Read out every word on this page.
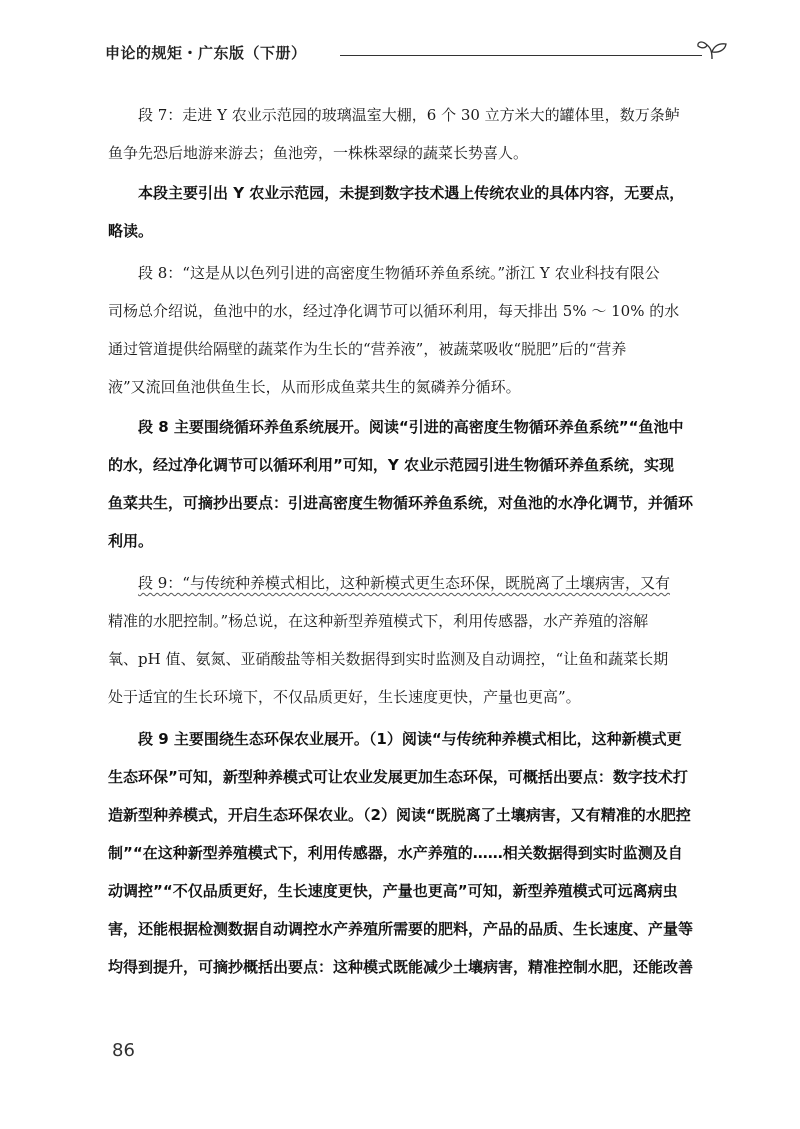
申论的规矩・广东版（下册）
段 7：走进 Y 农业示范园的玻璃温室大棚，6 个 30 立方米大的罐体里，数万条鲈
鱼争先恐后地游来游去；鱼池旁，一株株翠绿的蔬菜长势喜人。
本段主要引出 Y 农业示范园，未提到数字技术遇上传统农业的具体内容，无要点，
略读。
段 8：“这是从以色列引进的高密度生物循环养鱼系统。”浙江 Y 农业科技有限公
司杨总介绍说，鱼池中的水，经过净化调节可以循环利用，每天排出 5% ～ 10% 的水
通过管道提供给隔壁的蔬菜作为生长的“营养液”，被蔬菜吸收“脱肥”后的“营养
液”又流回鱼池供鱼生长，从而形成鱼菜共生的氮磷养分循环。
段 8 主要围绕循环养鱼系统展开。阅读“引进的高密度生物循环养鱼系统”“鱼池中
的水，经过净化调节可以循环利用”可知，Y 农业示范园引进生物循环养鱼系统，实现
鱼菜共生，可摘抄出要点：引进高密度生物循环养鱼系统，对鱼池的水净化调节，并循环
利用。
段 9：“与传统种养模式相比，这种新模式更生态环保，既脱离了土壤病害，又有
精准的水肥控制。”杨总说，在这种新型养殖模式下，利用传感器，水产养殖的溶解
氧、pH 值、氨氮、亚硝酸盐等相关数据得到实时监测及自动调控，“让鱼和蔬菜长期
处于适宜的生长环境下，不仅品质更好，生长速度更快，产量也更高”。
段 9 主要围绕生态环保农业展开。（1）阅读“与传统种养模式相比，这种新模式更
生态环保”可知，新型种养模式可让农业发展更加生态环保，可概括出要点：数字技术打
造新型种养模式，开启生态环保农业。（2）阅读“既脱离了土壤病害，又有精准的水肥控
制”“在这种新型养殖模式下，利用传感器，水产养殖的……相关数据得到实时监测及自
动调控”“不仅品质更好，生长速度更快，产量也更高”可知，新型养殖模式可远离病虫
害，还能根据检测数据自动调控水产养殖所需要的肥料，产品的品质、生长速度、产量等
均得到提升，可摘抄概括出要点：这种模式既能减少土壤病害，精准控制水肥，还能改善
86
